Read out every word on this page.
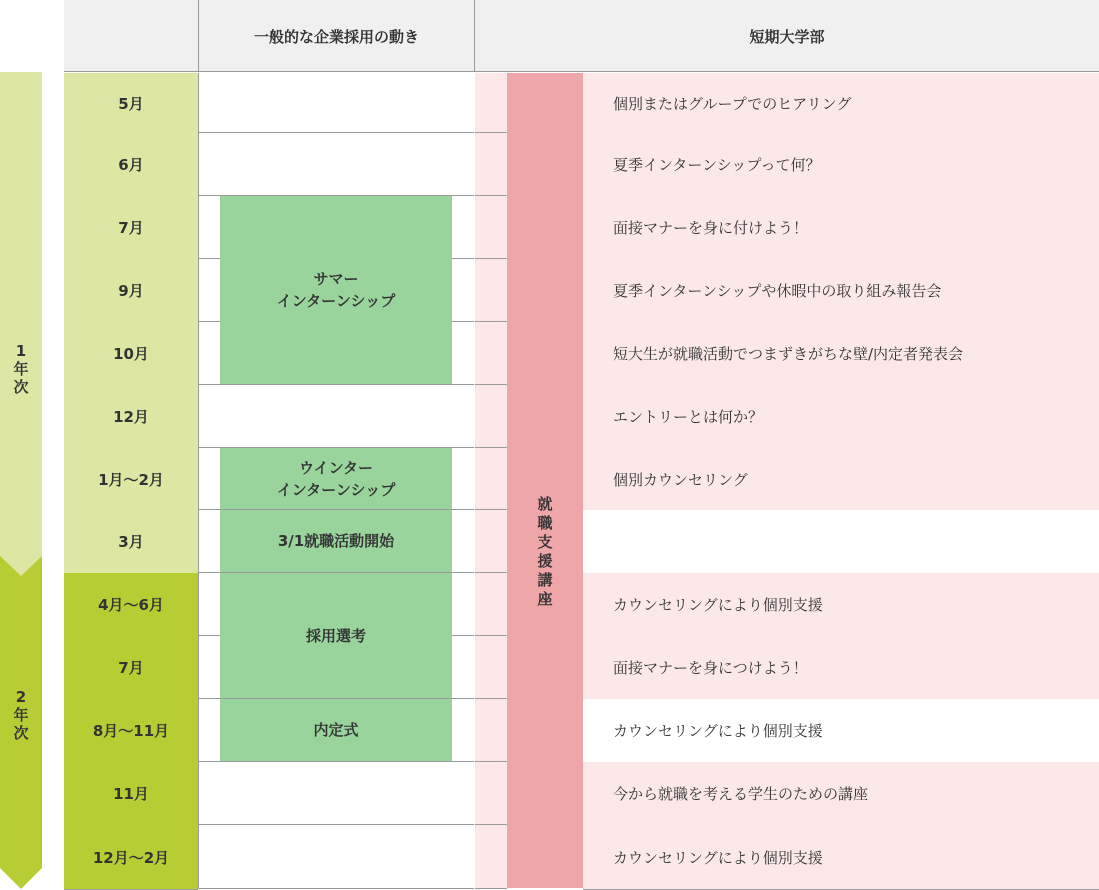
1
年
次
2
年
次
一般的な企業採用の動き	短期大学部
5月
6月
7月
9月
10月
12月
1月～2月
3月
4月～6月
7月
8月～11月
11月
12月～2月
サマー
インターンシップ
ウインター
インターンシップ
3/1就職活動開始
採用選考
内定式
就
職
支
援
講
座
個別またはグループでのヒアリング
夏季インターンシップって何？
面接マナーを身に付けよう！
夏季インターンシップや休暇中の取り組み報告会
短大生が就職活動でつまずきがちな壁/内定者発表会
エントリーとは何か？
個別カウンセリング
カウンセリングにより個別支援
面接マナーを身につけよう！
カウンセリングにより個別支援
今から就職を考える学生のための講座
カウンセリングにより個別支援
